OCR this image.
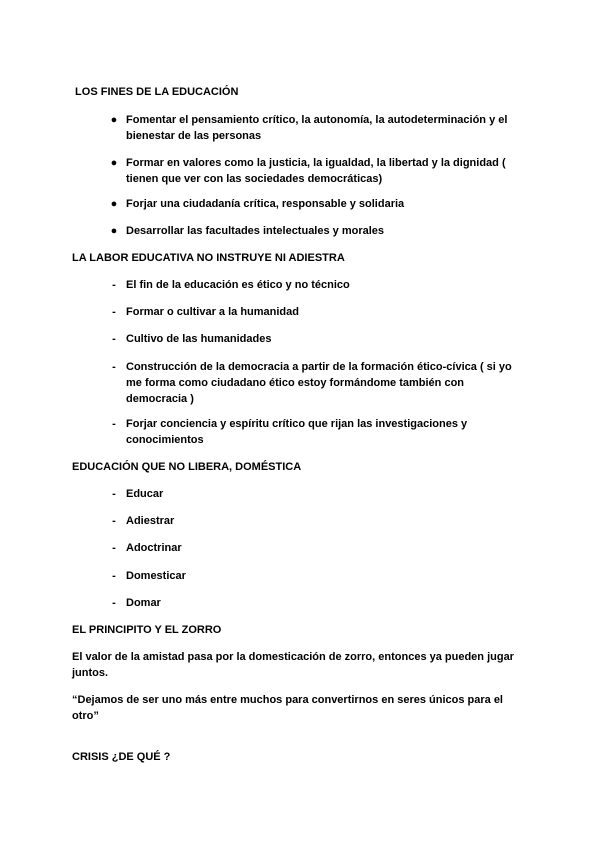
LOS FINES DE LA EDUCACIÓN
● Fomentar el pensamiento crítico, la autonomía, la autodeterminación y el bienestar de las personas
● Formar en valores como la justicia, la igualdad, la libertad y la dignidad ( tienen que ver con las sociedades democráticas)
● Forjar una ciudadanía crítica, responsable y solidaria
● Desarrollar las facultades intelectuales y morales
LA LABOR EDUCATIVA NO INSTRUYE NI ADIESTRA
- El fin de la educación es ético y no técnico
- Formar o cultivar a la humanidad
- Cultivo de las humanidades
- Construcción de la democracia a partir de la formación ético-cívica ( si yo me forma como ciudadano ético estoy formándome también con democracia )
- Forjar conciencia y espíritu crítico que rijan las investigaciones y conocimientos
EDUCACIÓN QUE NO LIBERA, DOMÉSTICA
- Educar
- Adiestrar
- Adoctrinar
- Domesticar
- Domar
EL PRINCIPITO Y EL ZORRO
El valor de la amistad pasa por la domesticación de zorro, entonces ya pueden jugar juntos.
“Dejamos de ser uno más entre muchos para convertirnos en seres únicos para el otro”
CRISIS ¿DE QUÉ ?
